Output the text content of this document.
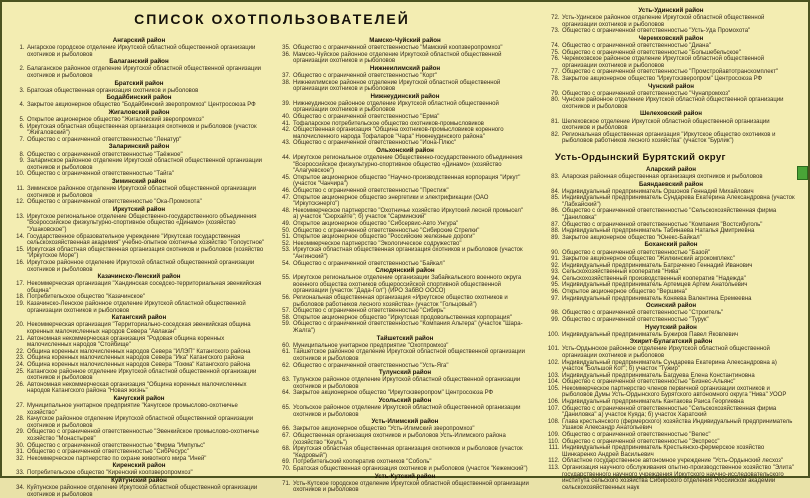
СПИСОК ОХОТПОЛЬЗОВАТЕЛЕЙ
Ангарский район
1. Ангарское городское отделение Иркутской областной общественной организации охотников и рыболовов
Балаганский район
2. Балаганское районное отделение Иркутской областной общественной организации охотников и рыболовов
Братский район
3. Братская общественная организация охотников и рыболовов
Бодайбинский район
4. Закрытое акционерное общество "Бодайбинский зверопромхоз" Центросоюза РФ
Жигаловский район
5. Открытое акционерное общество "Жигаловский зверопромхоз"
6. Иркутская областная общественная организация охотников и рыболовов (участок "Жигаловский")
7. Общество с ограниченной ответственностью "Ленатур"
Заларинский район
8. Общество с ограниченной ответственностью "Таёжное"
9. Заларинское районное отделение Иркутской областной общественной организации охотников и рыболовов
10. Общество с ограниченной ответственностью "Тайга"
Зиминский район
11. Зиминское районное отделение Иркутской областной общественной организации охотников и рыболовов
12. Общество с ограниченной ответственностью "Ока-Промохота"
Иркутский район
13. Иркутское региональное отделение Общественно-государственного объединения "Всероссийское физкультурно-спортивное общество «Динамо» (хозяйство "Ушаковское")
14. Государственное образовательное учреждение "Иркутская государственная сельскохозяйственная академия" учебно-опытное охотничье хозяйство "Голоустное"
15. Иркутская областная общественная организация охотников и рыболовов (хозяйство "Иркутское Море")
16. Иркутское районное отделение Иркутской областной общественной организации охотников и рыболовов
Казачинско-Ленский район
17. Некоммерческая организация "Хандинская соседско-территориальная эвенкийская община"
18. Потребительское общество "Казачинское"
19. Казачинско-Ленское районное отделение Иркутской областной общественной организации охотников и рыболовов
Катангский район
20. Некоммерческая организация "Территориально-соседская эвенкийская община коренных малочисленных народов Севера "Авлакан"
21. Автономная некоммерческая организация "Родовая община коренных малочисленных народов "Стойбище"
22. Община коренных малочисленных народов Севера "ИЛЭП" Катангского района
23. Община коренных малочисленных народов Севера "Ика" Катангского района
24. Община коренных малочисленных народов Севера "Токма" Катангского района
25. Катангское районное отделение Иркутской областной общественной организации охотников и рыболовов
26. Автономная некоммерческая организация "Община коренных малочисленных народов Катангского района "Новая жизнь"
Качугский район
27. Муниципальное унитарное предприятие "Качугское промыслово-охотничье хозяйство"
28. Качугское районное отделение Иркутской областной общественной организации охотников и рыболовов
29. Общество с ограниченной ответственностью "Эвенкийское промыслово-охотничье хозяйство "Монастырев"
30. Общество с ограниченной ответственностью "Фирма "Импульс"
31. Общество с ограниченной ответственностью "СибРесурс"
32. Некоммерческое партнерство по охране животного мира "Иней"
Киренский район
33. Потребительское общество "Киренский коопзверопромхоз"
Куйтунский район
34. Куйтунское районное отделение Иркутской областной общественной организации охотников и рыболовов
Мамско-Чуйский район
35. Общество с ограниченной ответственностью "Мамский коопзверопромхоз"
36. Мамско-Чуйское районное отделение Иркутской областной общественной организации охотников и рыболовов
Нижнеилимский район
37. Общество с ограниченной ответственностью "Корт"
38. Нижнеилимское районное отделение Иркутской областной общественной организации охотников и рыболовов
Нижнеудинский район
39. Нижнеудинское районное отделение Иркутской областной общественной организации охотников и рыболовов
40. Общество с ограниченной ответственностью "Ерма"
41. Тофаларское потребительское общество охотников-промысловиков
42. Общественная организация "Община охотников-промысловиков коренного малочисленного народа Тофаларов "Чара" Нижнеудинского района"
43. Общество с ограниченной ответственностью "Иона-Плюс"
Ольхонский район
44. Иркутское региональное отделение Общественно-государственного объединения "Всероссийское физкультурно-спортивное общество «Динамо» (хозяйство "Алагуевское")
45. Открытое акционерное общество "Научно-производственная корпорация "Иркут" (участок "Чанчира")
46. Общество с ограниченной ответственностью "Престиж"
47. Открытое акционерное общество энергетики и электрификации (ОАО "Иркутскэнерго")
48. Некоммерческое партнерство "Охотничье хозяйство Иркутский лесной промысел"
а) участок "Сюрхайте"; б) участок "Сарминский"
49. Открытое акционерное общество "Сибсервис-Авто Унгура"
50. Общество с ограниченной ответственностью "Сибирские Стрелки"
51. Открытое акционерное общество "Российские железные дороги"
52. Некоммерческое партнерство "Экологическое содружество"
53. Иркутская областная общественная организация охотников и рыболовов (участок "Ангинский")
54. Общество с ограниченной ответственностью "Байкал"
Слюдянский район
55. Иркутское региональное отделение организации Забайкальского военного округа военного общества охотников общероссийской спортивной общественной организации (участок "Дада-Гол") (ИРО ЗабВО ООСО)
56. Региональная общественная организация «Иркутское общество охотников и рыболовов работников лесного хозяйства» (участок "Гольцовый")
57. Общество с ограниченной ответственностью "Сибирь"
58. Открытое акционерное общество "Иркутская продовольственная корпорация"
59. Общество с ограниченной ответственностью "Компания Альтера" (участок "Шара-Жалга")
Тайшетский район
60. Муниципальное унитарное предприятие "Охотпромхоз"
61. Тайшетское районное отделение Иркутской областной общественной организации охотников и рыболовов
62. Общество с ограниченной ответственностью "Усть-Яга"
Тулунский район
63. Тулунское районное отделение Иркутской областной общественной организации охотников и рыболовов
64. Закрытое акционерное общество "Иркутскзверопром" Центросоюза РФ
Усольский район
65. Усольское районное отделение Иркутской областной общественной организации охотников и рыболовов
Усть-Илимский район
66. Закрытое акционерное общество "Усть-Илимский зверопромхоз"
67. Общественная организация охотников и рыболовов Усть-Илимского района (хозяйство "Кеуль")
68. Иркутская областная общественная организация охотников и рыболовов (участок "Кедровый")
69. Потребительский кооператив охотников "Соболь"
70. Братская общественная организация охотников и рыболовов (участок "Кежемский")
Усть-Кутский район
71. Усть-Кутское городское отделение Иркутской областной общественной организации охотников и рыболовов
Усть-Удинский район
72. Усть-Удинское районное отделение Иркутской областной общественной организации охотников и рыболовов
73. Общество с ограниченной ответственностью "Усть-Уда Промохота"
Черемховский район
74. Общество с ограниченной ответственностью "Диана"
75. Общество с ограниченной ответственностью "Большебельское"
76. Черемховское районное отделение Иркутской областной общественной организации охотников и рыболовов
77. Общество с ограниченной ответственностью "Промстройавтотранскомплект"
78. Закрытое акционерное общество "Иркутскзверопром" Центросоюза РФ
Чунский район
79. Общество с ограниченной ответственностью "Чунапромхоз"
80. Чунское районное отделение Иркутской областной общественной организации охотников и рыболовов
Шелеховский район
81. Шелеховское отделение Иркутской областной общественной организации охотников и рыболовов
82. Региональная общественная организация "Иркутское общество охотников и рыболовов работников лесного хозяйства" (участок "Бурлик")
Усть-Ордынский Бурятский округ
Аларский район
83. Аларская районная общественная организация охотников и рыболовов
Баяндаевский район
84. Индивидуальный предприниматель Оршонов Геннадий Михайлович
85. Индивидуальный предприниматель Сундарева Екатерина Александровна (участок "Лабхайский")
86. Общество с ограниченной ответственностью "Сельскохозяйственная фирма "Даниловка"
87. Общество с ограниченной ответственностью "Компания "Востсибуголь"
88. Индивидуальный предприниматель Табинаева Наталья Дмитриевна
89. Закрытое акционерное общество "Юнекс-Байкал"
Боханский район
90. Общество с ограниченной ответственностью "Базой"
91. Закрытое акционерное общество "Жилкинский агрокомплекс"
92. Индивидуальный предприниматель Батраченко Геннадий Иванович
93. Сельскохозяйственный кооператив "Нива"
94. Сельскохозяйственный производственный кооператив "Надежда"
95. Индивидуальный предприниматель Артемцев Артем Анатольевич
96. Открытое акционерное общество "Вершина"
97. Индивидуальный предприниматель Коняева Валентина Еремеевна
Осинский район
98. Общество с ограниченной ответственностью "Строитель"
99. Общество с ограниченной ответственностью "Турук"
Нукутский район
100. Индивидуальный предприниматель Бужиров Павел Яковлевич
Эхирит-Булагатский район
101. Усть-Ордынское районное отделение Иркутской областной общественной организации охотников и рыболовов
102. Индивидуальный предприниматель Сундарева Екатерина Александровна а) участок "Большой Кот"; б) участок "Тужир"
103. Индивидуальный предприниматель Багдуева Елена Константиновна
104. Общество с ограниченной ответственностью "Бизнес-Альянс"
105. Некоммерческое партнерство членов первичной организации охотников и рыболовов Думы Усть-Ордынского Бурятского автономного округа "Нива" УООР
106. Индивидуальный предприниматель Кантакова Раиса Георгиевна
107. Общество с ограниченной ответственностью "Сельскохозяйственная фирма "Даниловка" а) участок Куяда; б) участок Харатский
108. Глава крестьянского (фермерского) хозяйства Индивидуальный предприниматель Ушаков Александр Анатольевич
109. Общество с ограниченной ответственностью "Велес"
110. Общество с ограниченной ответственностью "Экспресс"
111. Индивидуальный предприниматель Крестьянско-фермерское хозяйство Шинкаренко Андрей Васильевич
112. Областное государственное автономное учреждение "Усть-Ордынский лесхоз"
113. Организация научного обслуживания опытно-производственное хозяйство "Элита" государственного научного учреждения Иркутского научно-исследовательского института сельского хозяйства Сибирского отделения Российской академии сельскохозяйственных наук
